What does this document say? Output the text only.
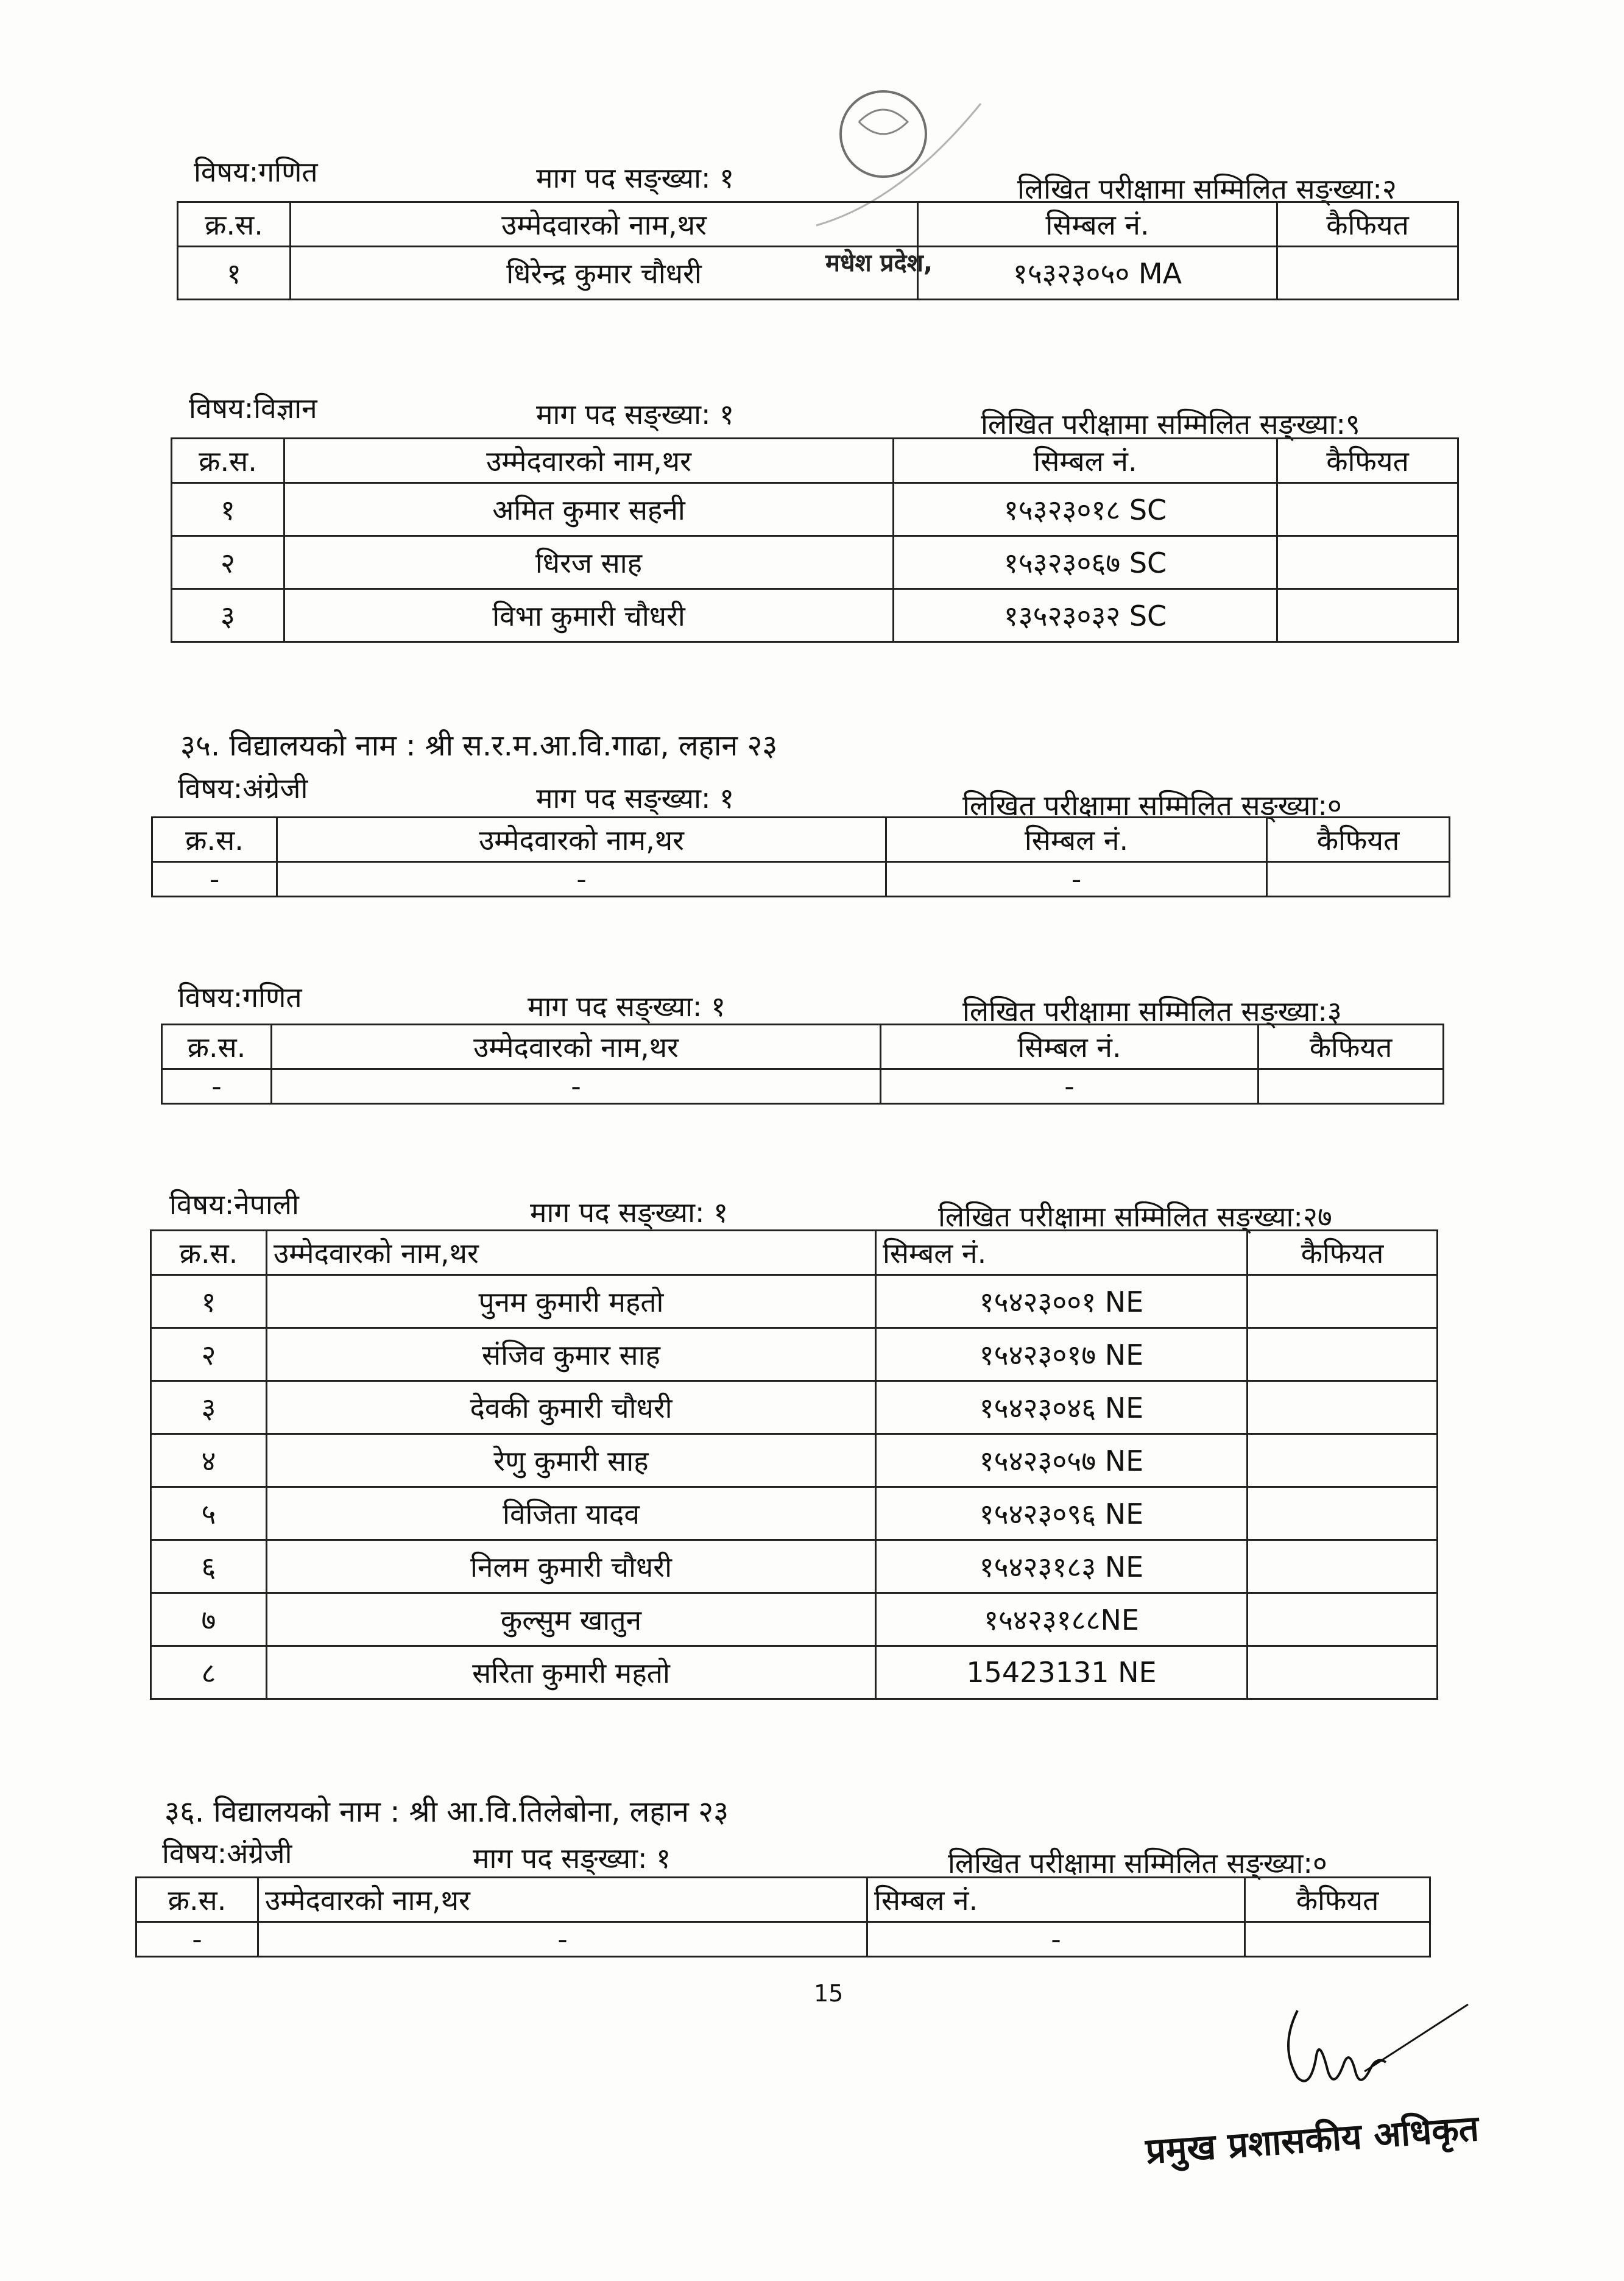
मधेश प्रदेश,
विषय:गणित	माग पद सङ्ख्या: १	लिखित परीक्षामा सम्मिलित सङ्ख्या:२
क्र.स.	उम्मेदवारको नाम,थर	सिम्बल नं.	कैफियत
१	धिरेन्द्र कुमार चौधरी	१५३२३०५० MA	
विषय:विज्ञान	माग पद सङ्ख्या: १	लिखित परीक्षामा सम्मिलित सङ्ख्या:९
क्र.स.	उम्मेदवारको नाम,थर	सिम्बल नं.	कैफियत
१	अमित कुमार सहनी	१५३२३०१८ SC	
२	धिरज साह	१५३२३०६७ SC	
३	विभा कुमारी चौधरी	१३५२३०३२ SC	
३५. विद्यालयको नाम : श्री स.र.म.आ.वि.गाढा, लहान २३
विषय:अंग्रेजी	माग पद सङ्ख्या: १	लिखित परीक्षामा सम्मिलित सङ्ख्या:०
क्र.स.	उम्मेदवारको नाम,थर	सिम्बल नं.	कैफियत
-	-	-	
विषय:गणित	माग पद सङ्ख्या: १	लिखित परीक्षामा सम्मिलित सङ्ख्या:३
क्र.स.	उम्मेदवारको नाम,थर	सिम्बल नं.	कैफियत
-	-	-	
विषय:नेपाली	माग पद सङ्ख्या: १	लिखित परीक्षामा सम्मिलित सङ्ख्या:२७
क्र.स.	उम्मेदवारको नाम,थर	सिम्बल नं.	कैफियत
१	पुनम कुमारी महतो	१५४२३००१ NE	
२	संजिव कुमार साह	१५४२३०१७ NE	
३	देवकी कुमारी चौधरी	१५४२३०४६ NE	
४	रेणु कुमारी साह	१५४२३०५७ NE	
५	विजिता यादव	१५४२३०९६ NE	
६	निलम कुमारी चौधरी	१५४२३१८३ NE	
७	कुल्सुम खातुन	१५४२३१८८NE	
८	सरिता कुमारी महतो	15423131 NE	
३६. विद्यालयको नाम : श्री आ.वि.तिलेबोना, लहान २३
विषय:अंग्रेजी	माग पद सङ्ख्या: १	लिखित परीक्षामा सम्मिलित सङ्ख्या:०
क्र.स.	उम्मेदवारको नाम,थर	सिम्बल नं.	कैफियत
-	-	-	
15
प्रमुख प्रशासकीय अधिकृत
